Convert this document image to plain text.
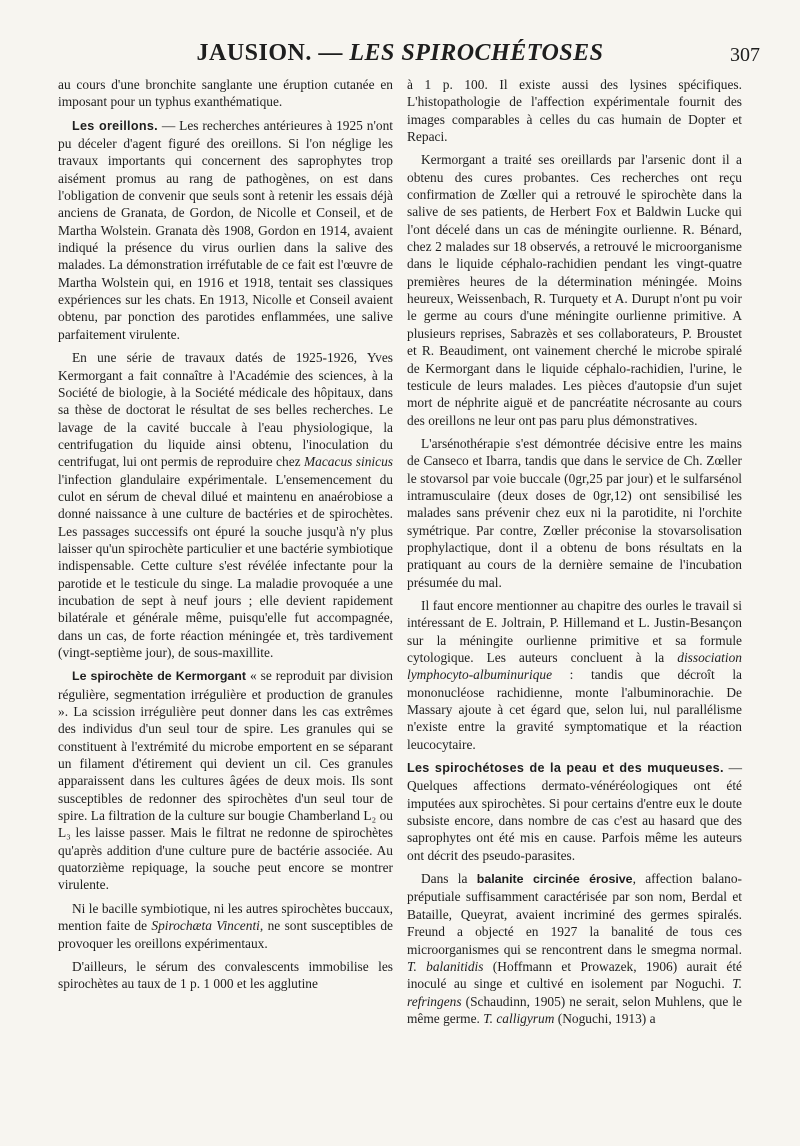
JAUSION. — LES SPIROCHÉTOSES	307

au cours d'une bronchite sanglante une éruption cutanée en imposant pour un typhus exanthématique.

Les oreillons. — Les recherches antérieures à 1925 n'ont pu déceler d'agent figuré des oreillons. Si l'on néglige les travaux importants qui concernent des saprophytes trop aisément promus au rang de pathogènes, on est dans l'obligation de convenir que seuls sont à retenir les essais déjà anciens de Granata, de Gordon, de Nicolle et Conseil, et de Martha Wolstein. Granata dès 1908, Gordon en 1914, avaient indiqué la présence du virus ourlien dans la salive des malades. La démonstration irréfutable de ce fait est l'œuvre de Martha Wolstein qui, en 1916 et 1918, tentait ses classiques expériences sur les chats. En 1913, Nicolle et Conseil avaient obtenu, par ponction des parotides enflammées, une salive parfaitement virulente.

En une série de travaux datés de 1925-1926, Yves Kermorgant a fait connaître à l'Académie des sciences, à la Société de biologie, à la Société médicale des hôpitaux, dans sa thèse de doctorat le résultat de ses belles recherches. Le lavage de la cavité buccale à l'eau physiologique, la centrifugation du liquide ainsi obtenu, l'inoculation du centrifugat, lui ont permis de reproduire chez Macacus sinicus l'infection glandulaire expérimentale. L'ensemencement du culot en sérum de cheval dilué et maintenu en anaérobiose a donné naissance à une culture de bactéries et de spirochètes. Les passages successifs ont épuré la souche jusqu'à n'y plus laisser qu'un spirochète particulier et une bactérie symbiotique indispensable. Cette culture s'est révélée infectante pour la parotide et le testicule du singe. La maladie provoquée a une incubation de sept à neuf jours ; elle devient rapidement bilatérale et générale même, puisqu'elle fut accompagnée, dans un cas, de forte réaction méningée et, très tardivement (vingt-septième jour), de sous-maxillite.

Le spirochète de Kermorgant « se reproduit par division régulière, segmentation irrégulière et production de granules ». La scission irrégulière peut donner dans les cas extrêmes des individus d'un seul tour de spire. Les granules qui se constituent à l'extrémité du microbe emportent en se séparant un filament d'étirement qui devient un cil. Ces granules apparaissent dans les cultures âgées de deux mois. Ils sont susceptibles de redonner des spirochètes d'un seul tour de spire. La filtration de la culture sur bougie Chamberland L₂ ou L₃ les laisse passer. Mais le filtrat ne redonne de spirochètes qu'après addition d'une culture pure de bactérie associée. Au quatorzième repiquage, la souche peut encore se montrer virulente.

Ni le bacille symbiotique, ni les autres spirochètes buccaux, mention faite de Spirochæta Vincenti, ne sont susceptibles de provoquer les oreillons expérimentaux.

D'ailleurs, le sérum des convalescents immobilise les spirochètes au taux de 1 p. 1 000 et les agglutine

à 1 p. 100. Il existe aussi des lysines spécifiques. L'histopathologie de l'affection expérimentale fournit des images comparables à celles du cas humain de Dopter et Repaci.

Kermorgant a traité ses oreillards par l'arsenic dont il a obtenu des cures probantes. Ces recherches ont reçu confirmation de Zœller qui a retrouvé le spirochète dans la salive de ses patients, de Herbert Fox et Baldwin Lucke qui l'ont décelé dans un cas de méningite ourlienne. R. Bénard, chez 2 malades sur 18 observés, a retrouvé le microorganisme dans le liquide céphalo-rachidien pendant les vingt-quatre premières heures de la détermination méningée. Moins heureux, Weissenbach, R. Turquety et A. Durupt n'ont pu voir le germe au cours d'une méningite ourlienne primitive. A plusieurs reprises, Sabrazès et ses collaborateurs, P. Broustet et R. Beaudiment, ont vainement cherché le microbe spiralé de Kermorgant dans le liquide céphalo-rachidien, l'urine, le testicule de leurs malades. Les pièces d'autopsie d'un sujet mort de néphrite aiguë et de pancréatite nécrosante au cours des oreillons ne leur ont pas paru plus démonstratives.

L'arsénothérapie s'est démontrée décisive entre les mains de Canseco et Ibarra, tandis que dans le service de Ch. Zœller le stovarsol par voie buccale (0gr,25 par jour) et le sulfarsénol intramusculaire (deux doses de 0gr,12) ont sensibilisé les malades sans prévenir chez eux ni la parotidite, ni l'orchite symétrique. Par contre, Zœller préconise la stovarsolisation prophylactique, dont il a obtenu de bons résultats en la pratiquant au cours de la dernière semaine de l'incubation présumée du mal.

Il faut encore mentionner au chapitre des ourles le travail si intéressant de E. Joltrain, P. Hillemand et L. Justin-Besançon sur la méningite ourlienne primitive et sa formule cytologique. Les auteurs concluent à la dissociation lymphocyto-albuminurique : tandis que décroît la mononucléose rachidienne, monte l'albuminorachie. De Massary ajoute à cet égard que, selon lui, nul parallélisme n'existe entre la gravité symptomatique et la réaction leucocytaire.

Les spirochétoses de la peau et des muqueuses. — Quelques affections dermato-vénéréologiques ont été imputées aux spirochètes. Si pour certains d'entre eux le doute subsiste encore, dans nombre de cas c'est au hasard que des saprophytes ont été mis en cause. Parfois même les auteurs ont décrit des pseudo-parasites.

Dans la balanite circinée érosive, affection balano-préputiale suffisamment caractérisée par son nom, Berdal et Bataille, Queyrat, avaient incriminé des germes spiralés. Freund a objecté en 1927 la banalité de tous ces microorganismes qui se rencontrent dans le smegma normal. T. balanitidis (Hoffmann et Prowazek, 1906) aurait été inoculé au singe et cultivé en isolement par Noguchi. T. refringens (Schaudinn, 1905) ne serait, selon Muhlens, que le même germe. T. calligyrum (Noguchi, 1913) a
